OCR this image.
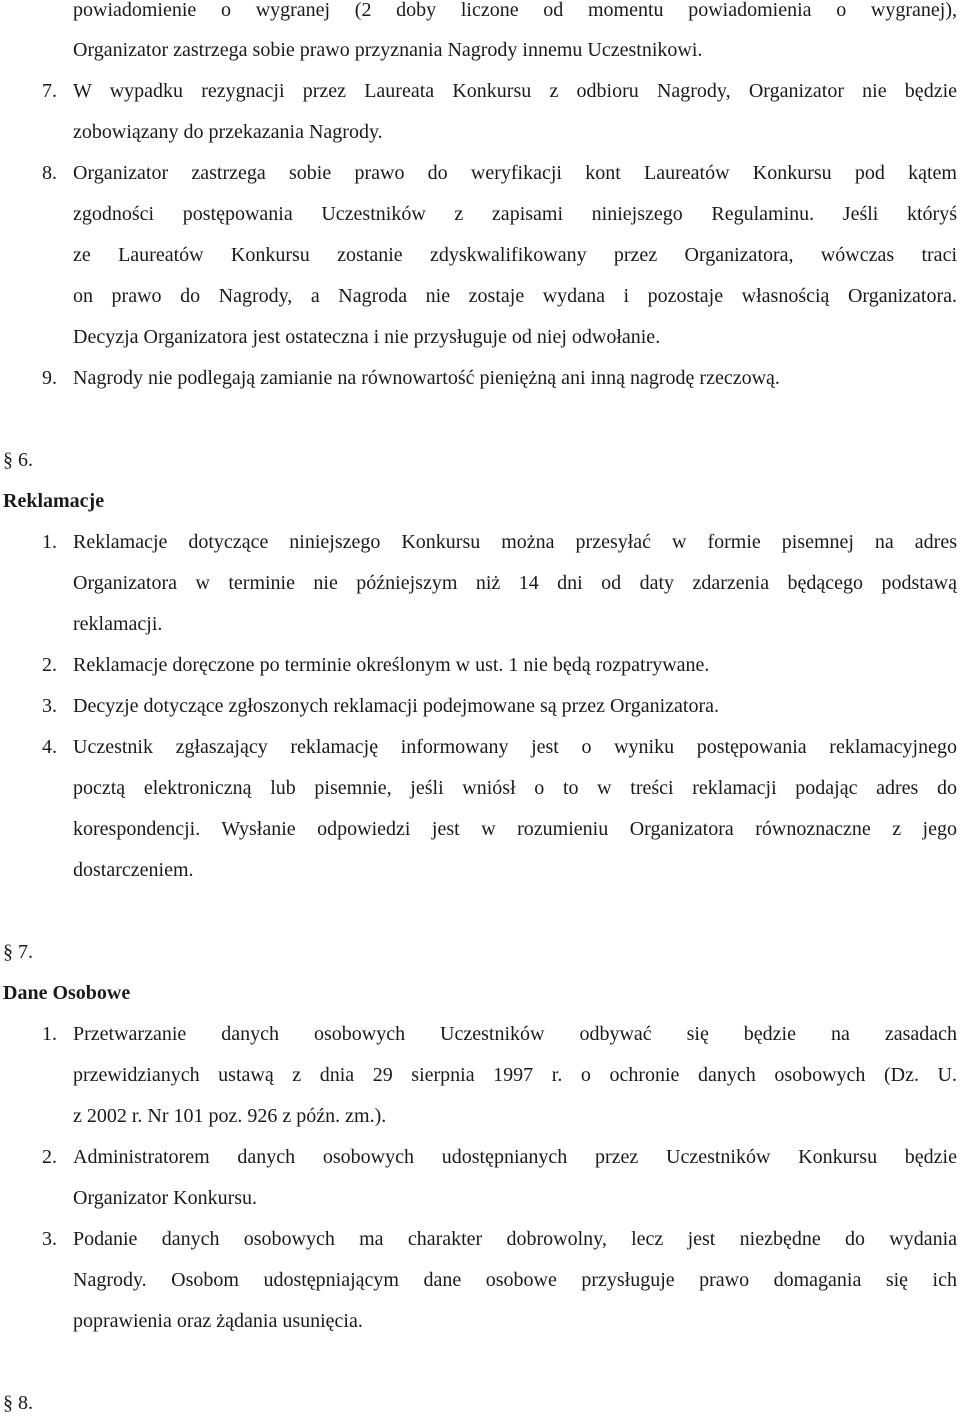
powiadomienie o wygranej (2 doby liczone od momentu powiadomienia o wygranej),
Organizator zastrzega sobie prawo przyznania Nagrody innemu Uczestnikowi.
7. W wypadku rezygnacji przez Laureata Konkursu z odbioru Nagrody, Organizator nie będzie
zobowiązany do przekazania Nagrody.
8. Organizator zastrzega sobie prawo do weryfikacji kont Laureatów Konkursu pod kątem
zgodności postępowania Uczestników z zapisami niniejszego Regulaminu. Jeśli któryś
ze Laureatów Konkursu zostanie zdyskwalifikowany przez Organizatora, wówczas traci
on prawo do Nagrody, a Nagroda nie zostaje wydana i pozostaje własnością Organizatora.
Decyzja Organizatora jest ostateczna i nie przysługuje od niej odwołanie.
9. Nagrody nie podlegają zamianie na równowartość pieniężną ani inną nagrodę rzeczową.
§ 6.
Reklamacje
1. Reklamacje dotyczące niniejszego Konkursu można przesyłać w formie pisemnej na adres
Organizatora w terminie nie późniejszym niż 14 dni od daty zdarzenia będącego podstawą
reklamacji.
2. Reklamacje doręczone po terminie określonym w ust. 1 nie będą rozpatrywane.
3. Decyzje dotyczące zgłoszonych reklamacji podejmowane są przez Organizatora.
4. Uczestnik zgłaszający reklamację informowany jest o wyniku postępowania reklamacyjnego
pocztą elektroniczną lub pisemnie, jeśli wniósł o to w treści reklamacji podając adres do
korespondencji. Wysłanie odpowiedzi jest w rozumieniu Organizatora równoznaczne z jego
dostarczeniem.
§ 7.
Dane Osobowe
1. Przetwarzanie danych osobowych Uczestników odbywać się będzie na zasadach
przewidzianych ustawą z dnia 29 sierpnia 1997 r. o ochronie danych osobowych (Dz. U.
z 2002 r. Nr 101 poz. 926 z późn. zm.).
2. Administratorem danych osobowych udostępnianych przez Uczestników Konkursu będzie
Organizator Konkursu.
3. Podanie danych osobowych ma charakter dobrowolny, lecz jest niezbędne do wydania
Nagrody. Osobom udostępniającym dane osobowe przysługuje prawo domagania się ich
poprawienia oraz żądania usunięcia.
§ 8.
